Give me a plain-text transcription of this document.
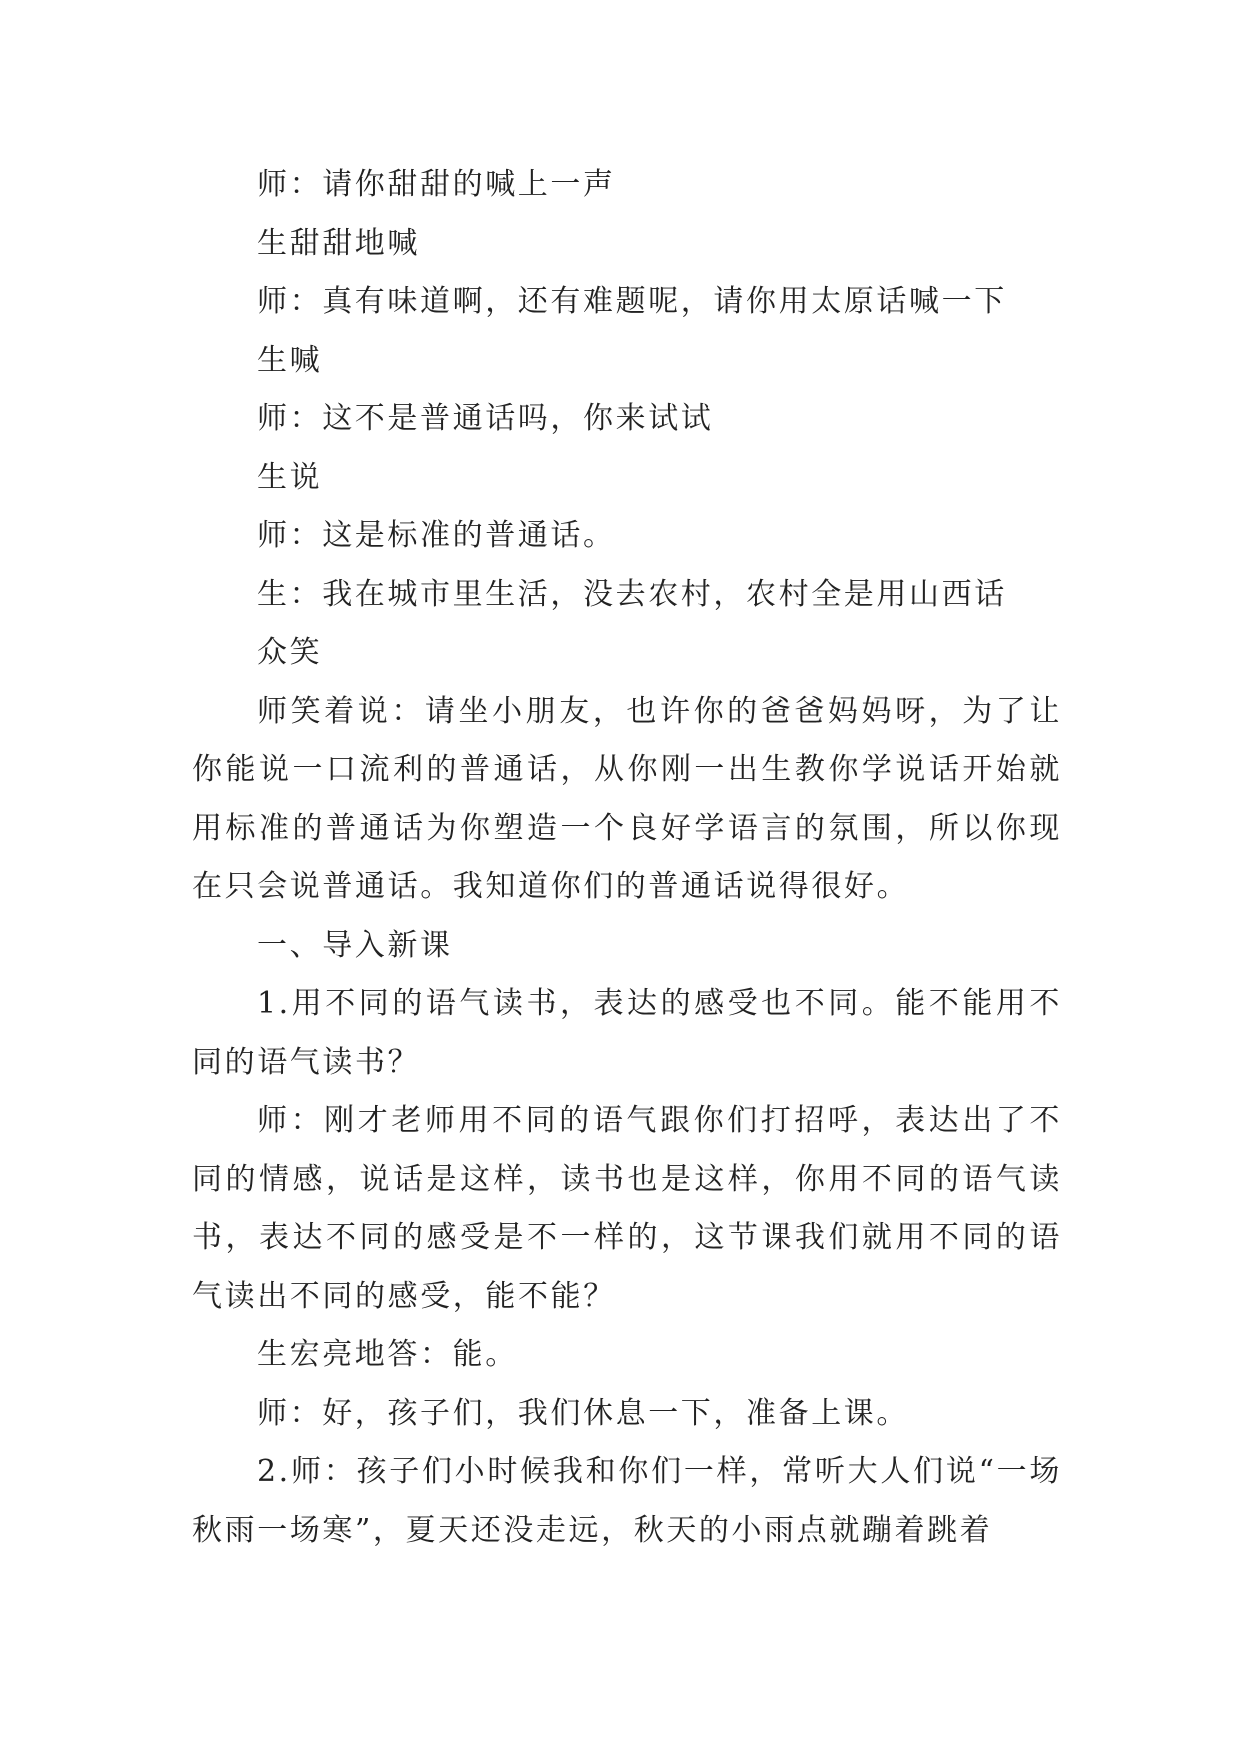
师：请你甜甜的喊上一声

生甜甜地喊

师：真有味道啊，还有难题呢，请你用太原话喊一下

生喊

师：这不是普通话吗，你来试试

生说

师：这是标准的普通话。

生：我在城市里生活，没去农村，农村全是用山西话

众笑

师笑着说：请坐小朋友，也许你的爸爸妈妈呀，为了让你能说一口流利的普通话，从你刚一出生教你学说话开始就用标准的普通话为你塑造一个良好学语言的氛围，所以你现在只会说普通话。我知道你们的普通话说得很好。

一、导入新课

1.用不同的语气读书，表达的感受也不同。能不能用不同的语气读书？

师：刚才老师用不同的语气跟你们打招呼，表达出了不同的情感，说话是这样，读书也是这样，你用不同的语气读书，表达不同的感受是不一样的，这节课我们就用不同的语气读出不同的感受，能不能？

生宏亮地答：能。

师：好，孩子们，我们休息一下，准备上课。

2.师：孩子们小时候我和你们一样，常听大人们说“一场秋雨一场寒”，夏天还没走远，秋天的小雨点就蹦着跳着
